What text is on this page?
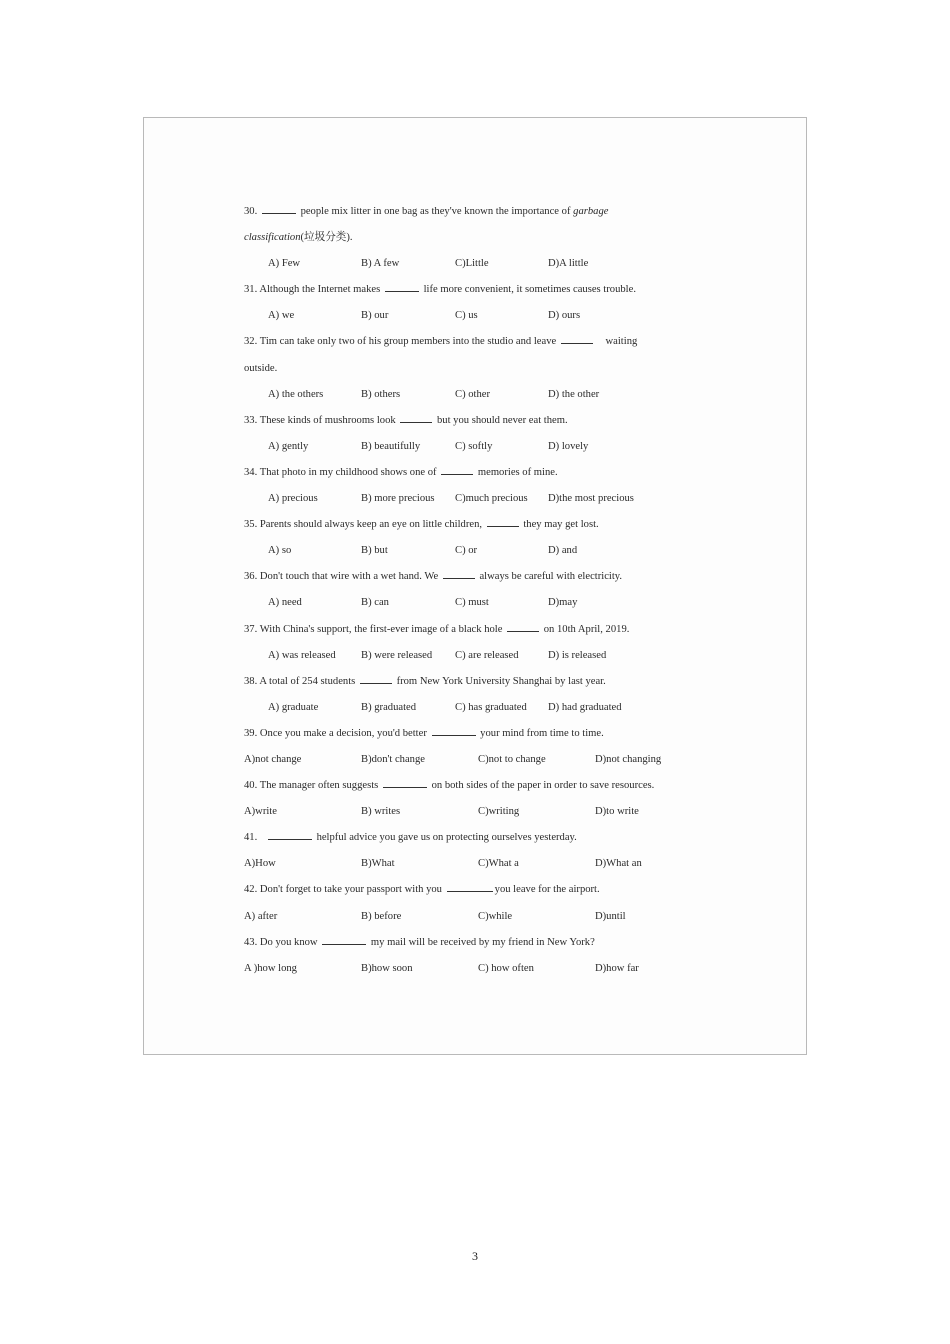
30.	people mix litter in one bag as they've known the importance of garbage
classification(垃圾分类).
A) Few	B) A few	C)Little	D)A little
31. Although the Internet makes	life more convenient, it sometimes causes trouble.
A) we	B) our	C) us	D) ours
32. Tim can take only two of his group members into the studio and leave	waiting
outside.
A) the others	B) others	C) other	D) the other
33. These kinds of mushrooms look	but you should never eat them.
A) gently	B) beautifully	C) softly	D) lovely
34. That photo in my childhood shows one of	memories of mine.
A) precious	B) more precious C)much precious D)the most precious
35. Parents should always keep an eye on little children,	they may get lost.
A) so	B) but	C) or	D) and
36. Don't touch that wire with a wet hand. We	always be careful with electricity.
A) need	B) can	C) must	D)may
37. With China's support, the first-ever image of a black hole	on 10th April, 2019.
A) was released B) were released C) are released	D) is released
38. A total of 254 students	from New York University Shanghai by last year.
A) graduate	B) graduated	C) has graduated D) had graduated
39. Once you make a decision, you'd better	your mind from time to time.
A)not change	B)don't change	C)not to change	D)not changing
40. The manager often suggests	on both sides of the paper in order to save resources.
A)write	B) writes	C)writing	D)to write
41.	helpful advice you gave us on protecting ourselves yesterday.
A)How	B)What	C)What a	D)What an
42. Don't forget to take your passport with you	you leave for the airport.
A) after	B) before	C)while	D)until
43. Do you know	my mail will be received by my friend in New York?
A )how long	B)how soon	C) how often	D)how far
3
